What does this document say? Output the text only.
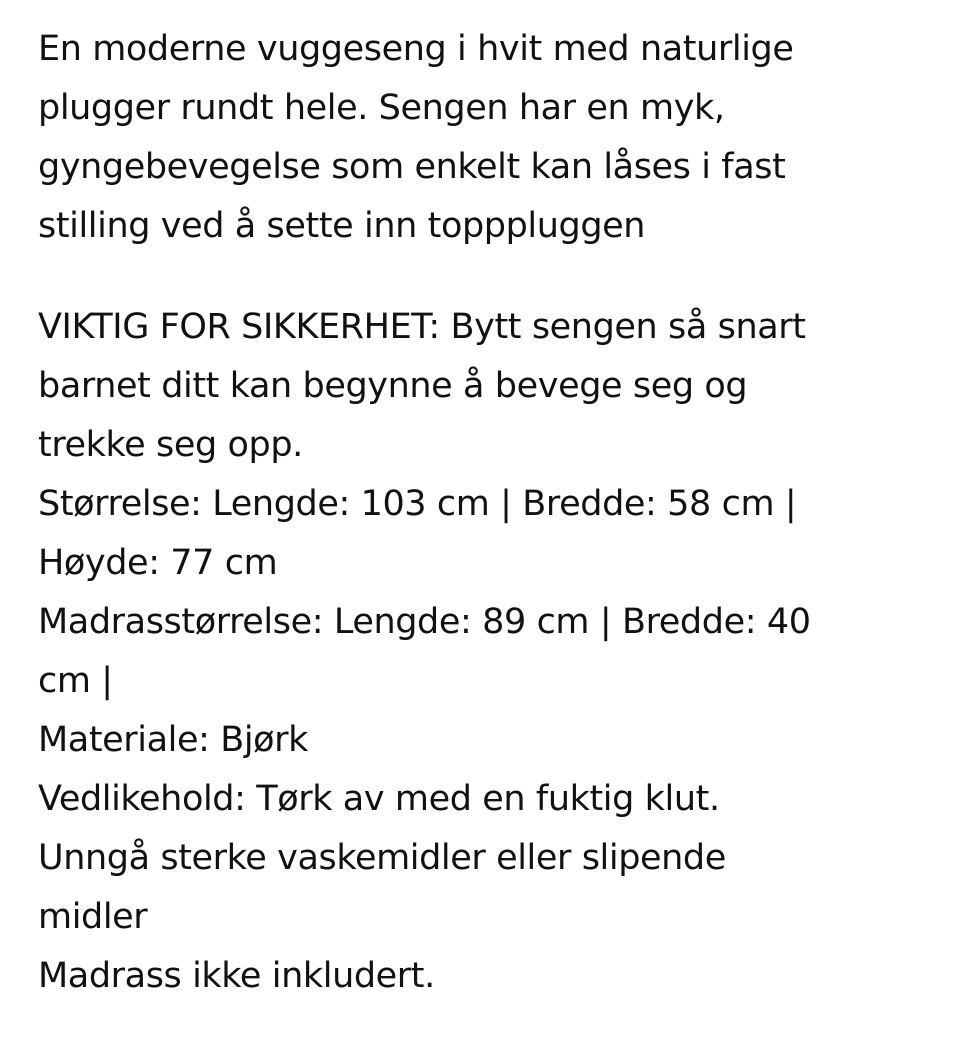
En moderne vuggeseng i hvit med naturlige
plugger rundt hele. Sengen har en myk,
gyngebevegelse som enkelt kan låses i fast
stilling ved å sette inn topppluggen

VIKTIG FOR SIKKERHET: Bytt sengen så snart
barnet ditt kan begynne å bevege seg og
trekke seg opp.
Størrelse: Lengde: 103 cm | Bredde: 58 cm |
Høyde: 77 cm
Madrasstørrelse: Lengde: 89 cm | Bredde: 40
cm |
Materiale: Bjørk
Vedlikehold: Tørk av med en fuktig klut.
Unngå sterke vaskemidler eller slipende
midler
Madrass ikke inkludert.
